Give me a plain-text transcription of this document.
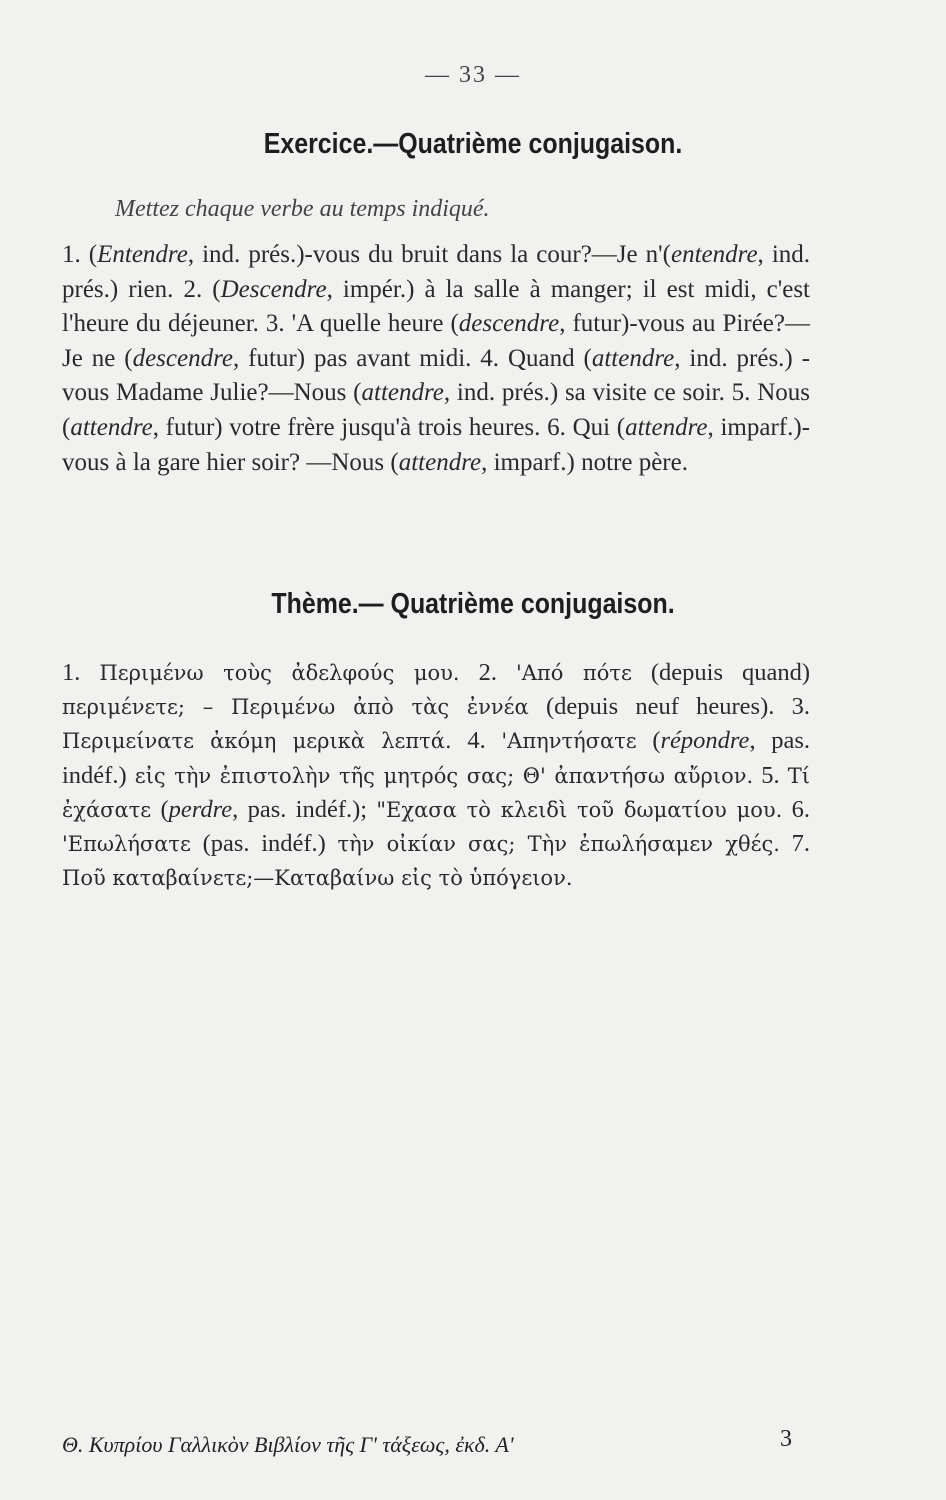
— 33 —
Exercice.—Quatrième conjugaison.
Mettez chaque verbe au temps indiqué.

1. (Entendre, ind. prés.)-vous du bruit dans la cour?—Je n'(entendre, ind. prés.) rien. 2. (Descendre, impér.) à la salle à manger; il est midi, c'est l'heure du déjeuner. 3. 'A quelle heure (descendre, futur)-vous au Pirée?—Je ne (descendre, futur) pas avant midi. 4. Quand (attendre, ind. prés.) -vous Madame Julie?—Nous (attendre, ind. prés.) sa visite ce soir. 5. Nous (attendre, futur) votre frère jusqu'à trois heures. 6. Qui (attendre, imparf.)-vous à la gare hier soir? —Nous (attendre, imparf.) notre père.

Thème.— Quatrième conjugaison.

1. Περιμένω τοὺς ἀδελφούς μου. 2. 'Από πότε (depuis quand) περιμένετε; – Περιμένω ἀπὸ τὰς ἐννέα (depuis neuf heures). 3. Περιμείνατε ἀκόμη μερικὰ λεπτά. 4. 'Απηντήσατε (répondre, pas. indéf.) εἰς τὴν ἐπιστολὴν τῆς μητρός σας; Θ' ἀπαντήσω αὔριον. 5. Τί ἐχάσατε (perdre, pas. indéf.); "Εχασα τὸ κλειδὶ τοῦ δωματίου μου. 6. 'Επωλήσατε (pas. indéf.) τὴν οἰκίαν σας; Τὴν ἐπωλήσαμεν χθές. 7. Ποῦ καταβαίνετε;—Καταβαίνω εἰς τὸ ὑπόγειον.

Θ. Κυπρίου Γαλλικὸν Βιβλίον τῆς Γ' τάξεως, ἐκδ. Α'	3
